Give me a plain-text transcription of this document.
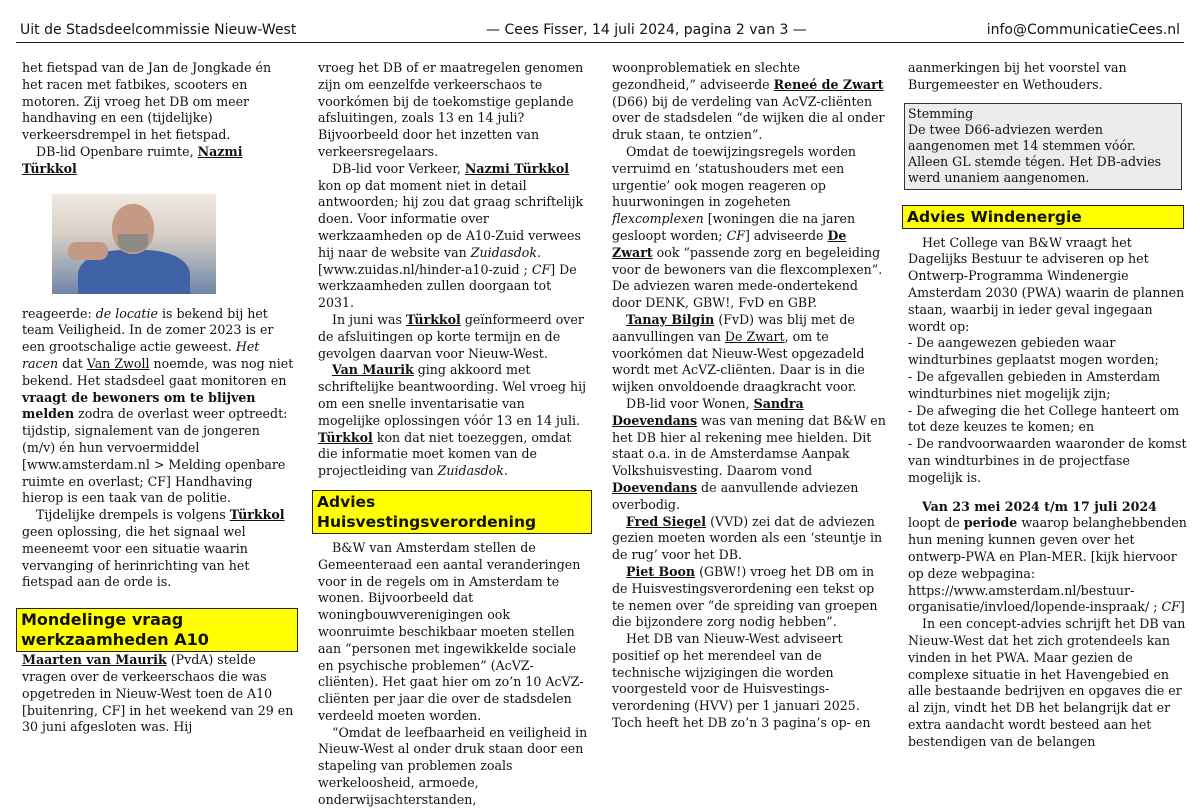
Uit de Stadsdeelcommissie Nieuw-West	— Cees Fisser, 14 juli 2024, pagina 2 van 3 —	info@CommunicatieCees.nl

het fietspad van de Jan de Jongkade én het racen met fatbikes, scooters en motoren. Zij vroeg het DB om meer handhaving en een (tijdelijke) verkeersdrempel in het fietspad.

DB-lid Openbare ruimte, Nazmi Türkkol

reageerde: de locatie is bekend bij het team Veiligheid. In de zomer 2023 is er een grootschalige actie geweest. Het racen dat Van Zwoll noemde, was nog niet bekend. Het stadsdeel gaat monitoren en vraagt de bewoners om te blijven melden zodra de overlast weer optreedt: tijdstip, signalement van de jongeren (m/v) én hun vervoermiddel [www.amsterdam.nl > Melding openbare ruimte en overlast; CF] Handhaving hierop is een taak van de politie.

Tijdelijke drempels is volgens Türkkol geen oplossing, die het signaal wel meeneemt voor een situatie waarin vervanging of herinrichting van het fietspad aan de orde is.

Mondelinge vraag werkzaamheden A10

Maarten van Maurik (PvdA) stelde vragen over de verkeerschaos die was opgetreden in Nieuw-West toen de A10 [buitenring, CF] in het weekend van 29 en 30 juni afgesloten was. Hij

vroeg het DB of er maatregelen genomen zijn om eenzelfde verkeerschaos te voorkómen bij de toekomstige geplande afsluitingen, zoals 13 en 14 juli? Bijvoorbeeld door het inzetten van verkeersregelaars.

DB-lid voor Verkeer, Nazmi Türkkol kon op dat moment niet in detail antwoorden; hij zou dat graag schriftelijk doen. Voor informatie over werkzaamheden op de A10-Zuid verwees hij naar de website van Zuidasdok. [www.zuidas.nl/hinder-a10-zuid ; CF] De werkzaamheden zullen doorgaan tot 2031.

In juni was Türkkol geïnformeerd over de afsluitingen op korte termijn en de gevolgen daarvan voor Nieuw-West.

Van Maurik ging akkoord met schriftelijke beantwoording. Wel vroeg hij om een snelle inventarisatie van mogelijke oplossingen vóór 13 en 14 juli. Türkkol kon dat niet toezeggen, omdat die informatie moet komen van de projectleiding van Zuidasdok.

Advies Huisvestingsverordening

B&W van Amsterdam stellen de Gemeenteraad een aantal veranderingen voor in de regels om in Amsterdam te wonen. Bijvoorbeeld dat woningbouwverenigingen ook woonruimte beschikbaar moeten stellen aan “personen met ingewikkelde sociale en psychische problemen” (AcVZ-cliënten). Het gaat hier om zo’n 10 AcVZ-cliënten per jaar die over de stadsdelen verdeeld moeten worden.

“Omdat de leefbaarheid en veiligheid in Nieuw-West al onder druk staan door een stapeling van problemen zoals werkeloosheid, armoede, onderwijsachterstanden,

woonproblematiek en slechte gezondheid,” adviseerde Reneé de Zwart (D66) bij de verdeling van AcVZ-cliënten over de stadsdelen “de wijken die al onder druk staan, te ontzien”.

Omdat de toewijzingsregels worden verruimd en ‘statushouders met een urgentie’ ook mogen reageren op huurwoningen in zogeheten flexcomplexen [woningen die na jaren gesloopt worden; CF] adviseerde De Zwart ook “passende zorg en begeleiding voor de bewoners van die flexcomplexen”. De adviezen waren mede-ondertekend door DENK, GBW!, FvD en GBP.

Tanay Bilgin (FvD) was blij met de aanvullingen van De Zwart, om te voorkómen dat Nieuw-West opgezadeld wordt met AcVZ-cliënten. Daar is in die wijken onvoldoende draagkracht voor.

DB-lid voor Wonen, Sandra Doevendans was van mening dat B&W en het DB hier al rekening mee hielden. Dit staat o.a. in de Amsterdamse Aanpak Volkshuisvesting. Daarom vond Doevendans de aanvullende adviezen overbodig.

Fred Siegel (VVD) zei dat de adviezen gezien moeten worden als een ‘steuntje in de rug’ voor het DB.

Piet Boon (GBW!) vroeg het DB om in de Huisvestingsverordening een tekst op te nemen over “de spreiding van groepen die bijzondere zorg nodig hebben”.

Het DB van Nieuw-West adviseert positief op het merendeel van de technische wijzigingen die worden voorgesteld voor de Huisvestings-verordening (HVV) per 1 januari 2025. Toch heeft het DB zo’n 3 pagina’s op- en

aanmerkingen bij het voorstel van Burgemeester en Wethouders.

Stemming
De twee D66-adviezen werden aangenomen met 14 stemmen vóór. Alleen GL stemde tégen. Het DB-advies werd unaniem aangenomen.
Advies Windenergie

Het College van B&W vraagt het Dagelijks Bestuur te adviseren op het Ontwerp-Programma Windenergie Amsterdam 2030 (PWA) waarin de plannen staan, waarbij in ieder geval ingegaan wordt op:

- De aangewezen gebieden waar windturbines geplaatst mogen worden;

- De afgevallen gebieden in Amsterdam windturbines niet mogelijk zijn;

- De afweging die het College hanteert om tot deze keuzes te komen; en

- De randvoorwaarden waaronder de komst van windturbines in de projectfase mogelijk is.

Van 23 mei 2024 t/m 17 juli 2024 loopt de periode waarop belanghebbenden hun mening kunnen geven over het ontwerp-PWA en Plan-MER. [kijk hiervoor op deze webpagina: https://www.amsterdam.nl/bestuur-organisatie/invloed/lopende-inspraak/ ; CF]

In een concept-advies schrijft het DB van Nieuw-West dat het zich grotendeels kan vinden in het PWA. Maar gezien de complexe situatie in het Havengebied en alle bestaande bedrijven en opgaves die er al zijn, vindt het DB het belangrijk dat er extra aandacht wordt besteed aan het bestendigen van de belangen
